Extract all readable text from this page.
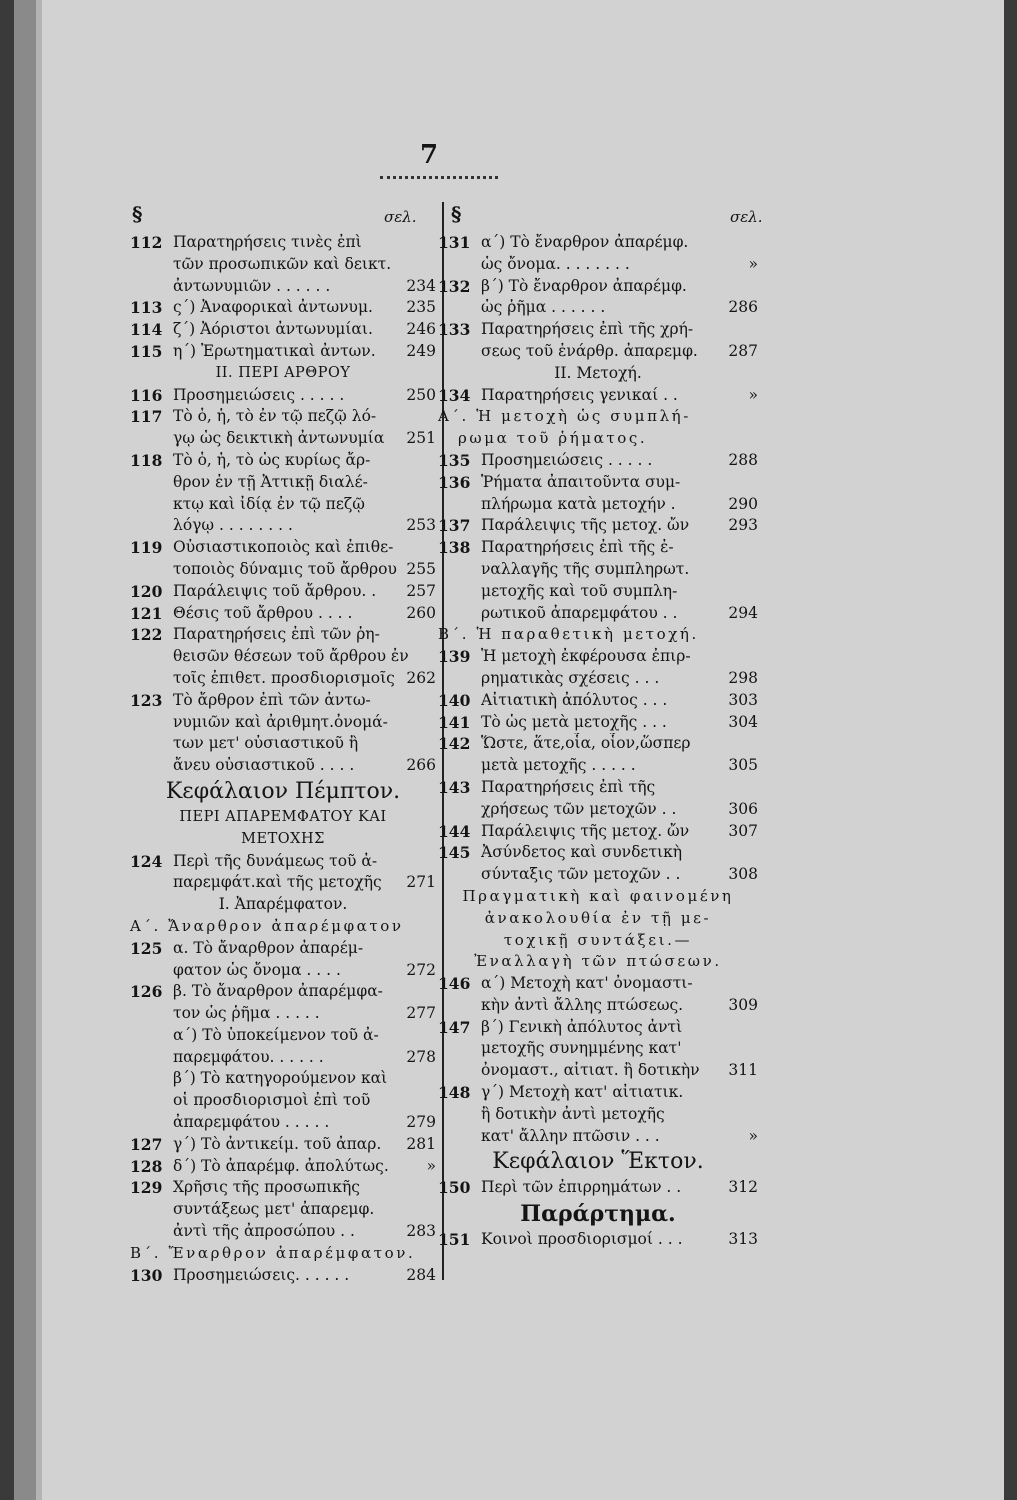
7
§	σελ. §	σελ.
112 Παρατηρήσεις τινὲς ἐπὶ
τῶν προσωπικῶν καὶ δεικτ.
ἀντωνυμιῶν . . . . . .	234
113 ς´) Ἀναφορικαὶ ἀντωνυμ.	235
114 ζ´) Ἀόριστοι ἀντωνυμίαι.	246
115 η´) Ἐρωτηματικαὶ ἀντων.	249
II. ΠΕΡΙ ΑΡΘΡΟΥ
116 Προσημειώσεις . . . . .	250
117 Τὸ ὁ, ἡ, τὸ ἐν τῷ πεζῷ λό-
γῳ ὡς δεικτικὴ ἀντωνυμία	251
118 Τὸ ὁ, ἡ, τὸ ὡς κυρίως ἄρ-
θρον ἐν τῇ Ἀττικῇ διαλέ-
κτῳ καὶ ἰδίᾳ ἐν τῷ πεζῷ
λόγῳ . . . . . . . .	253
119 Οὐσιαστικοποιὸς καὶ ἐπιθε-
τοποιὸς δύναμις τοῦ ἄρθρου 255
120 Παράλειψις τοῦ ἄρθρου. .	257
121 Θέσις τοῦ ἄρθρου . . . .	260
122 Παρατηρήσεις ἐπὶ τῶν ῥη-
θεισῶν θέσεων τοῦ ἄρθρου ἐν
τοῖς ἐπιθετ. προσδιορισμοῖς 262
123 Τὸ ἄρθρον ἐπὶ τῶν ἀντω-
νυμιῶν καὶ ἀριθμητ.ὀνομά-
των μετ' οὐσιαστικοῦ ἢ
ἄνευ οὐσιαστικοῦ . . . .	266
Κεφάλαιον Πέμπτον.
ΠΕΡΙ ΑΠΑΡΕΜΦΑΤΟΥ ΚΑΙ
ΜΕΤΟΧΗΣ
124 Περὶ τῆς δυνάμεως τοῦ ἀ-
παρεμφάτ.καὶ τῆς μετοχῆς	271
I. Ἀπαρέμφατον.
Α´. Ἄναρθρον ἀπαρέμφατον
125 α. Τὸ ἄναρθρον ἀπαρέμ-
φατον ὡς ὄνομα . . . .	272
126 β. Τὸ ἄναρθρον ἀπαρέμφα-
τον ὡς ῥῆμα . . . . .	277
α´) Τὸ ὑποκείμενον τοῦ ἀ-
παρεμφάτου. . . . . .	278
β´) Τὸ κατηγορούμενον καὶ
οἱ προσδιορισμοὶ ἐπὶ τοῦ
ἀπαρεμφάτου . . . . .	279
127 γ´) Τὸ ἀντικείμ. τοῦ ἀπαρ.	281
128 δ´) Τὸ ἀπαρέμφ. ἀπολύτως.	»
129 Χρῆσις τῆς προσωπικῆς
συντάξεως μετ' ἀπαρεμφ.
ἀντὶ τῆς ἀπροσώπου . .	283
Β´. Ἔναρθρον ἀπαρέμφατον.
130 Προσημειώσεις. . . . . .	284
131 α´) Τὸ ἔναρθρον ἀπαρέμφ.
ὡς ὄνομα. . . . . . . .	»
132 β´) Τὸ ἔναρθρον ἀπαρέμφ.
ὡς ῥῆμα . . . . . .	286
133 Παρατηρήσεις ἐπὶ τῆς χρή-
σεως τοῦ ἐνάρθρ. ἀπαρεμφ.	287
II. Μετοχή.
134 Παρατηρήσεις γενικαί . .	»
Α´. Ἡ μετοχὴ ὡς συμπλή-
ρωμα τοῦ ῥήματος.
135 Προσημειώσεις . . . . .	288
136 Ῥήματα ἀπαιτοῦντα συμ-
πλήρωμα κατὰ μετοχήν .	290
137 Παράλειψις τῆς μετοχ. ὤν	293
138 Παρατηρήσεις ἐπὶ τῆς ἐ-
ναλλαγῆς τῆς συμπληρωτ.
μετοχῆς καὶ τοῦ συμπλη-
ρωτικοῦ ἀπαρεμφάτου . .	294
Β´. Ἡ παραθετικὴ μετοχή.
139 Ἡ μετοχὴ ἐκφέρουσα ἐπιρ-
ρηματικὰς σχέσεις . . .	298
140 Αἰτιατικὴ ἀπόλυτος . . .	303
141 Τὸ ὡς μετὰ μετοχῆς . . .	304
142 Ὥστε, ἅτε,οἷα, οἷον,ὥσπερ
μετὰ μετοχῆς . . . . .	305
143 Παρατηρήσεις ἐπὶ τῆς
χρήσεως τῶν μετοχῶν . .	306
144 Παράλειψις τῆς μετοχ. ὤν	307
145 Ἀσύνδετος καὶ συνδετικὴ
σύνταξις τῶν μετοχῶν . .	308
Πραγματικὴ καὶ φαινομένη
ἀνακολουθία ἐν τῇ με-
τοχικῇ συντάξει.—
Ἐναλλαγὴ τῶν πτώσεων.
146 α´) Μετοχὴ κατ' ὀνομαστι-
κὴν ἀντὶ ἄλλης πτώσεως.	309
147 β´) Γενικὴ ἀπόλυτος ἀντὶ
μετοχῆς συνημμένης κατ'
ὀνομαστ., αἰτιατ. ἢ δοτικὴν	311
148 γ´) Μετοχὴ κατ' αἰτιατικ.
ἢ δοτικὴν ἀντὶ μετοχῆς
κατ' ἄλλην πτῶσιν . . .	»
Κεφάλαιον Ἕκτον.
150 Περὶ τῶν ἐπιρρημάτων . .	312
Παράρτημα.
151 Κοινοὶ προσδιορισμοί . . .	313
